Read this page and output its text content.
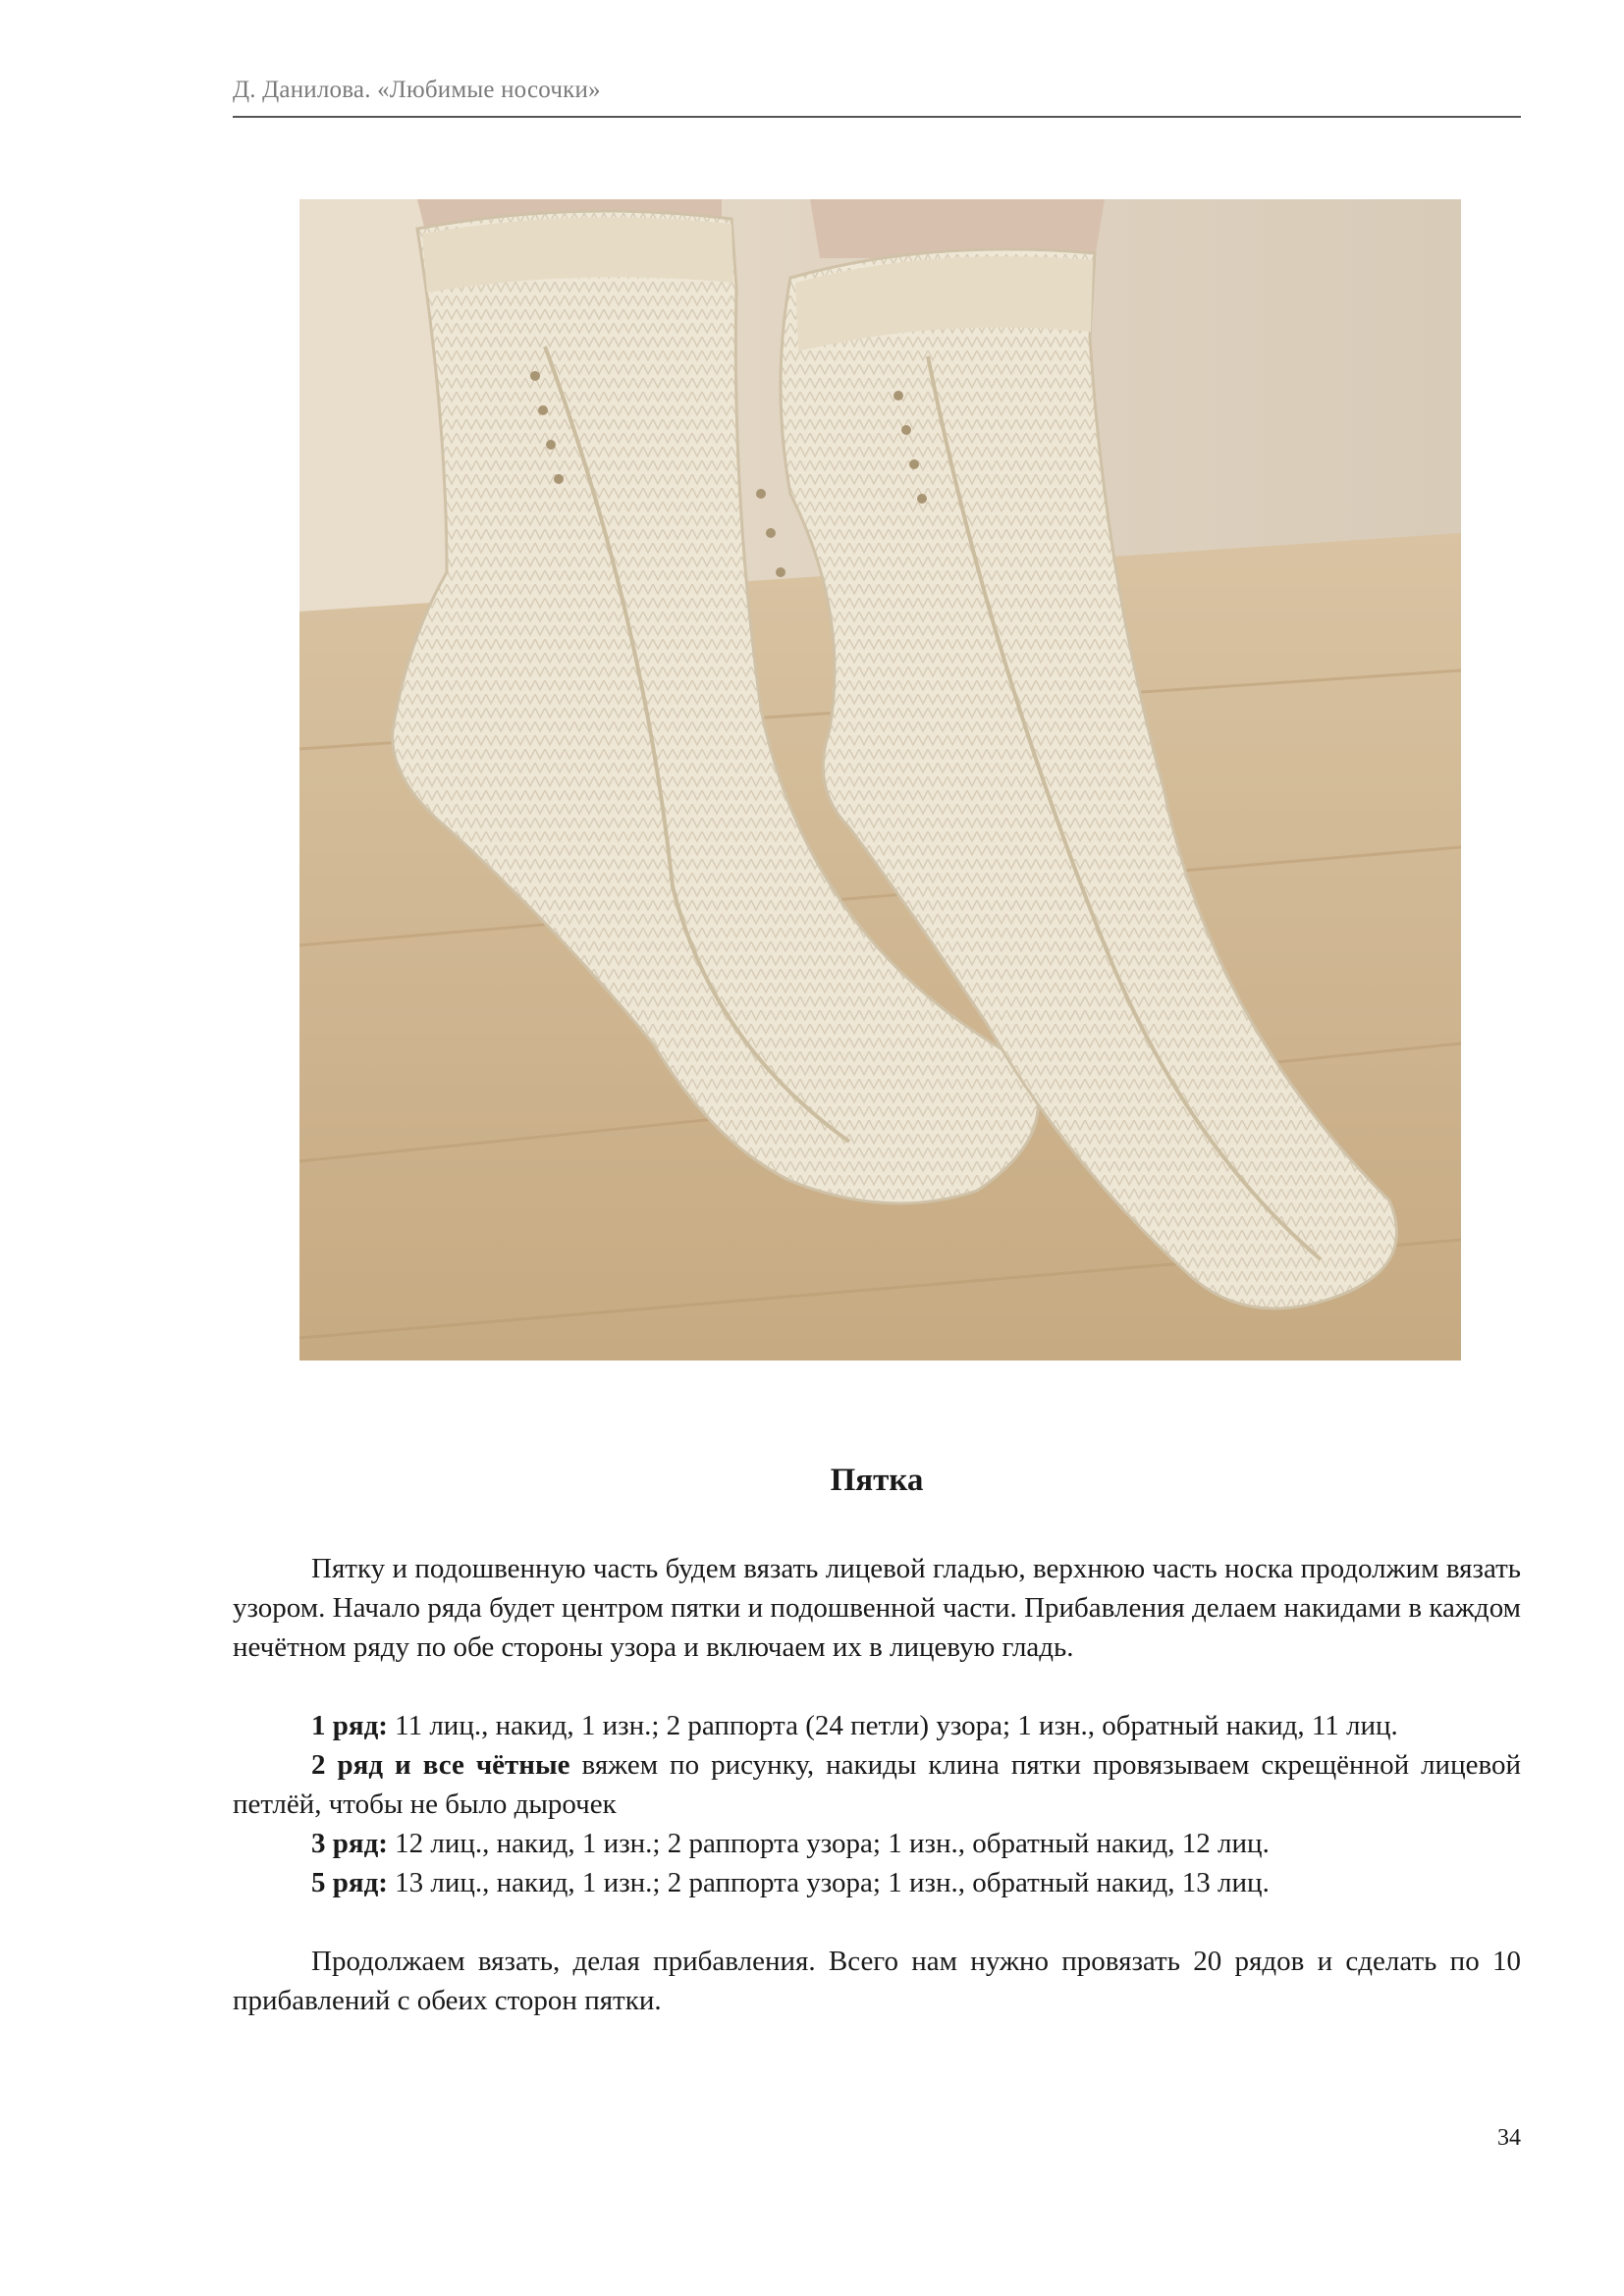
Д. Данилова. «Любимые носочки»
Пятка

Пятку и подошвенную часть будем вязать лицевой гладью, верхнюю часть носка продолжим вязать узором. Начало ряда будет центром пятки и подошвенной части. Прибавления делаем накидами в каждом нечётном ряду по обе стороны узора и включаем их в лицевую гладь.

1 ряд: 11 лиц., накид, 1 изн.; 2 раппорта (24 петли) узора; 1 изн., обратный накид, 11 лиц.

2 ряд и все чётные вяжем по рисунку, накиды клина пятки провязываем скрещённой лицевой петлёй, чтобы не было дырочек

3 ряд: 12 лиц., накид, 1 изн.; 2 раппорта узора; 1 изн., обратный накид, 12 лиц.

5 ряд: 13 лиц., накид, 1 изн.; 2 раппорта узора; 1 изн., обратный накид, 13 лиц.

Продолжаем вязать, делая прибавления. Всего нам нужно провязать 20 рядов и сделать по 10 прибавлений с обеих сторон пятки.

34
